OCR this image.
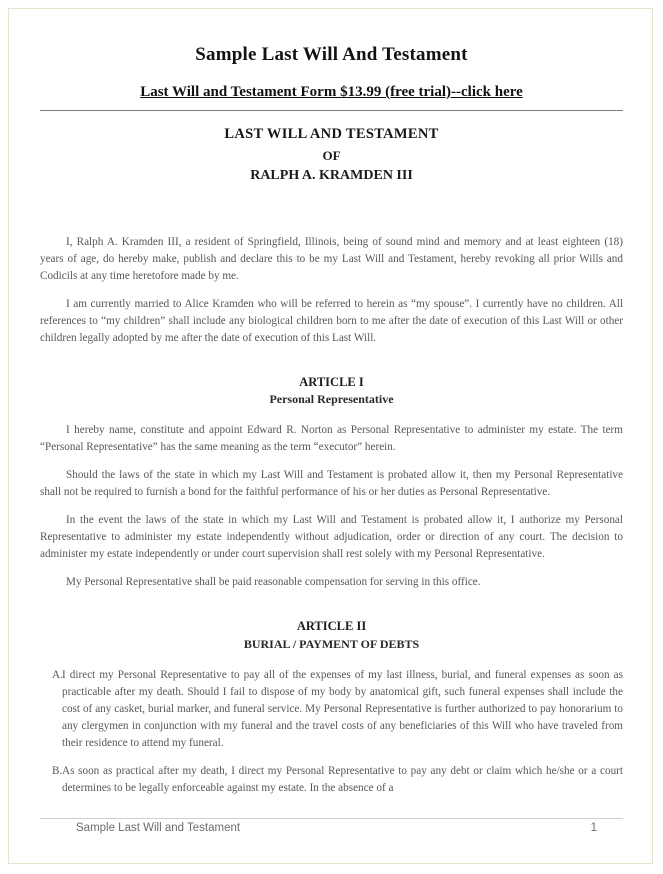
Sample Last Will And Testament
Last Will and Testament Form $13.99 (free trial)--click here
LAST WILL AND TESTAMENT
OF
RALPH A. KRAMDEN III

I, Ralph A. Kramden III, a resident of Springfield, Illinois, being of sound mind and memory and at least eighteen (18) years of age, do hereby make, publish and declare this to be my Last Will and Testament, hereby revoking all prior Wills and Codicils at any time heretofore made by me.

I am currently married to Alice Kramden who will be referred to herein as “my spouse”. I currently have no children. All references to “my children” shall include any biological children born to me after the date of execution of this Last Will or other children legally adopted by me after the date of execution of this Last Will.

ARTICLE I
Personal Representative

I hereby name, constitute and appoint Edward R. Norton as Personal Representative to administer my estate. The term “Personal Representative” has the same meaning as the term “executor” herein.

Should the laws of the state in which my Last Will and Testament is probated allow it, then my Personal Representative shall not be required to furnish a bond for the faithful performance of his or her duties as Personal Representative.

In the event the laws of the state in which my Last Will and Testament is probated allow it, I authorize my Personal Representative to administer my estate independently without adjudication, order or direction of any court. The decision to administer my estate independently or under court supervision shall rest solely with my Personal Representative.

My Personal Representative shall be paid reasonable compensation for serving in this office.

ARTICLE II
BURIAL / PAYMENT OF DEBTS
A. I direct my Personal Representative to pay all of the expenses of my last illness, burial, and funeral expenses as soon as practicable after my death. Should I fail to dispose of my body by anatomical gift, such funeral expenses shall include the cost of any casket, burial marker, and funeral service. My Personal Representative is further authorized to pay honorarium to any clergymen in conjunction with my funeral and the travel costs of any beneficiaries of this Will who have traveled from their residence to attend my funeral.
B. As soon as practical after my death, I direct my Personal Representative to pay any debt or claim which he/she or a court determines to be legally enforceable against my estate. In the absence of a
Sample Last Will and Testament	1
